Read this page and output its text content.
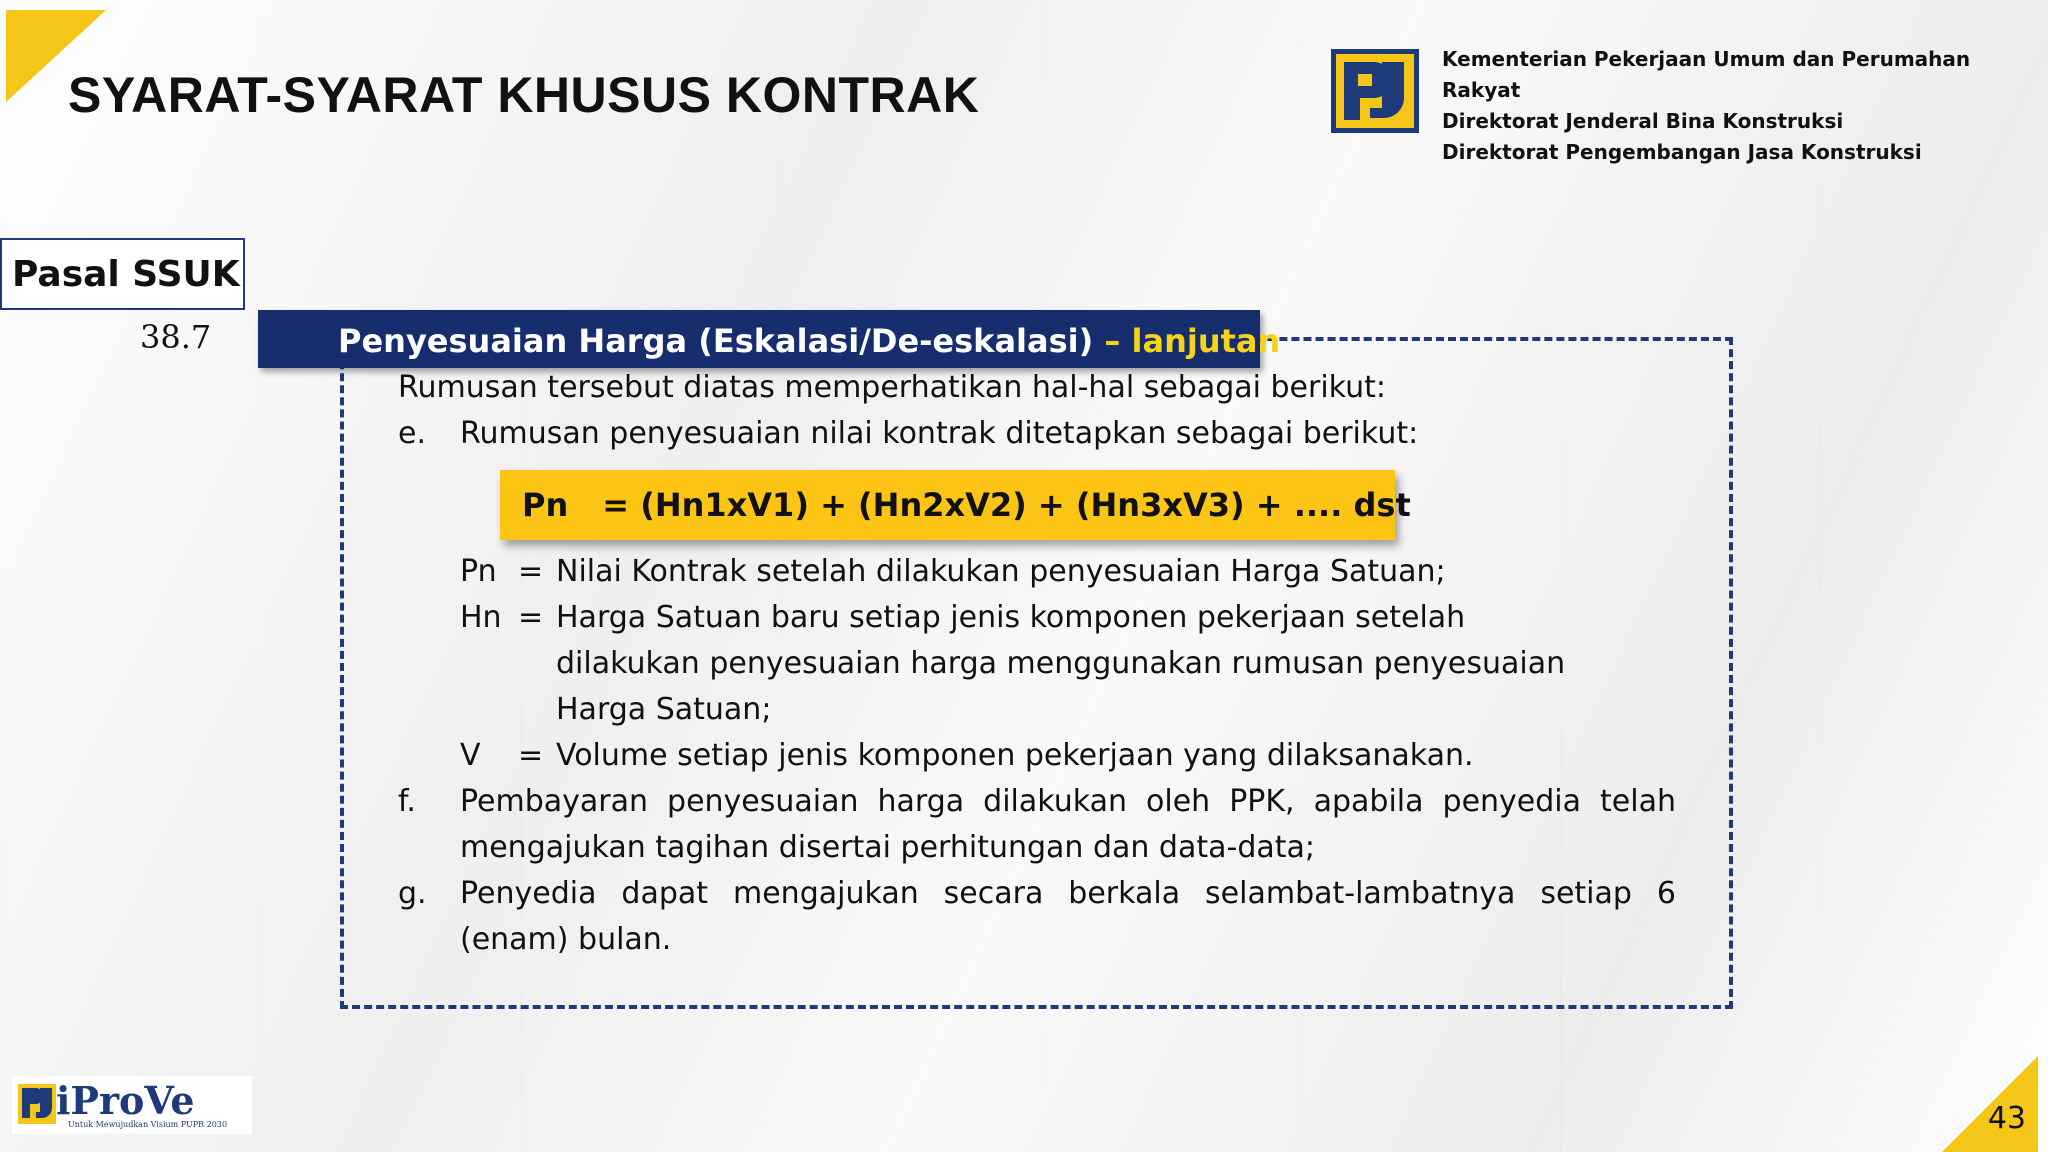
43
SYARAT-SYARAT KHUSUS KONTRAK
Kementerian Pekerjaan Umum dan Perumahan Rakyat
Direktorat Jenderal Bina Konstruksi
Direktorat Pengembangan Jasa Konstruksi
Pasal SSUK
38.7	Penyesuaian Harga (Eskalasi/De-eskalasi) – lanjutan
Rumusan tersebut diatas memperhatikan hal-hal sebagai berikut:
e. Rumusan penyesuaian nilai kontrak ditetapkan sebagai berikut:
Pn = (Hn1xV1) + (Hn2xV2) + (Hn3xV3) + .... dst
Pn = Nilai Kontrak setelah dilakukan penyesuaian Harga Satuan;
Hn = Harga Satuan baru setiap jenis komponen pekerjaan setelah
dilakukan penyesuaian harga menggunakan rumusan penyesuaian
Harga Satuan;
V = Volume setiap jenis komponen pekerjaan yang dilaksanakan.
f. Pembayaran penyesuaian harga dilakukan oleh PPK, apabila penyedia telah
mengajukan tagihan disertai perhitungan dan data-data;
g. Penyedia dapat mengajukan secara berkala selambat-lambatnya setiap 6
(enam) bulan.
iProVe
Untuk Mewujudkan Visium PUPR 2030
